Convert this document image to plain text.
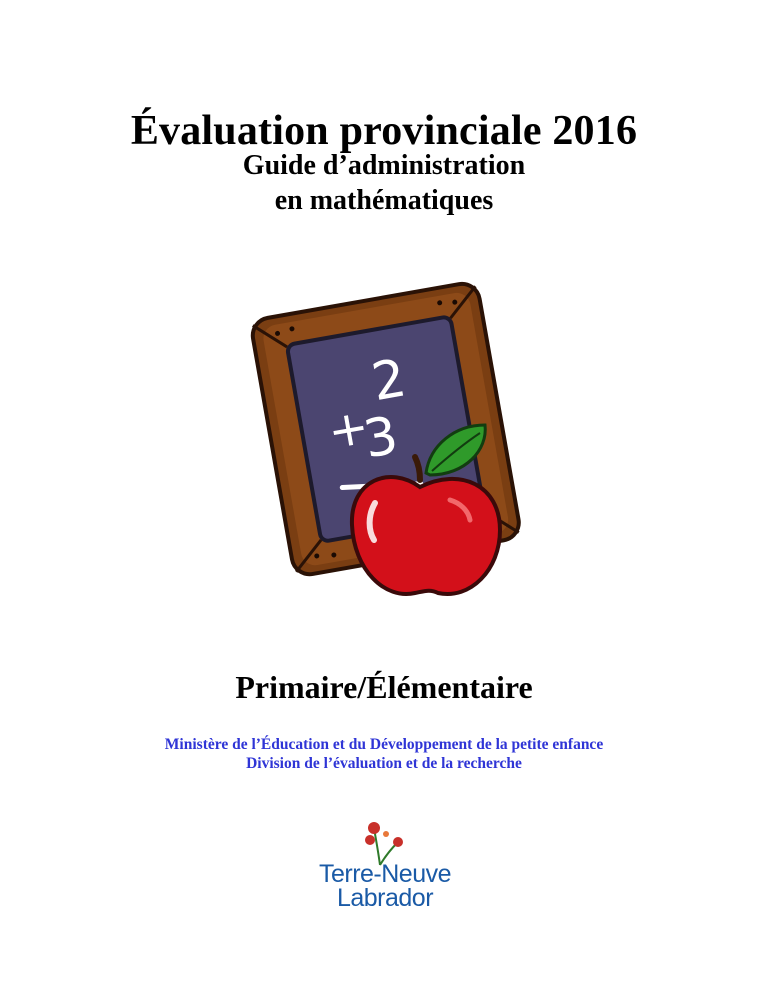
Évaluation provinciale 2016
Guide d’administration
en mathématiques
2
+
3
Primaire/Élémentaire
Ministère de l’Éducation et du Développement de la petite enfance
Division de l’évaluation et de la recherche
Terre-Neuve
Labrador
